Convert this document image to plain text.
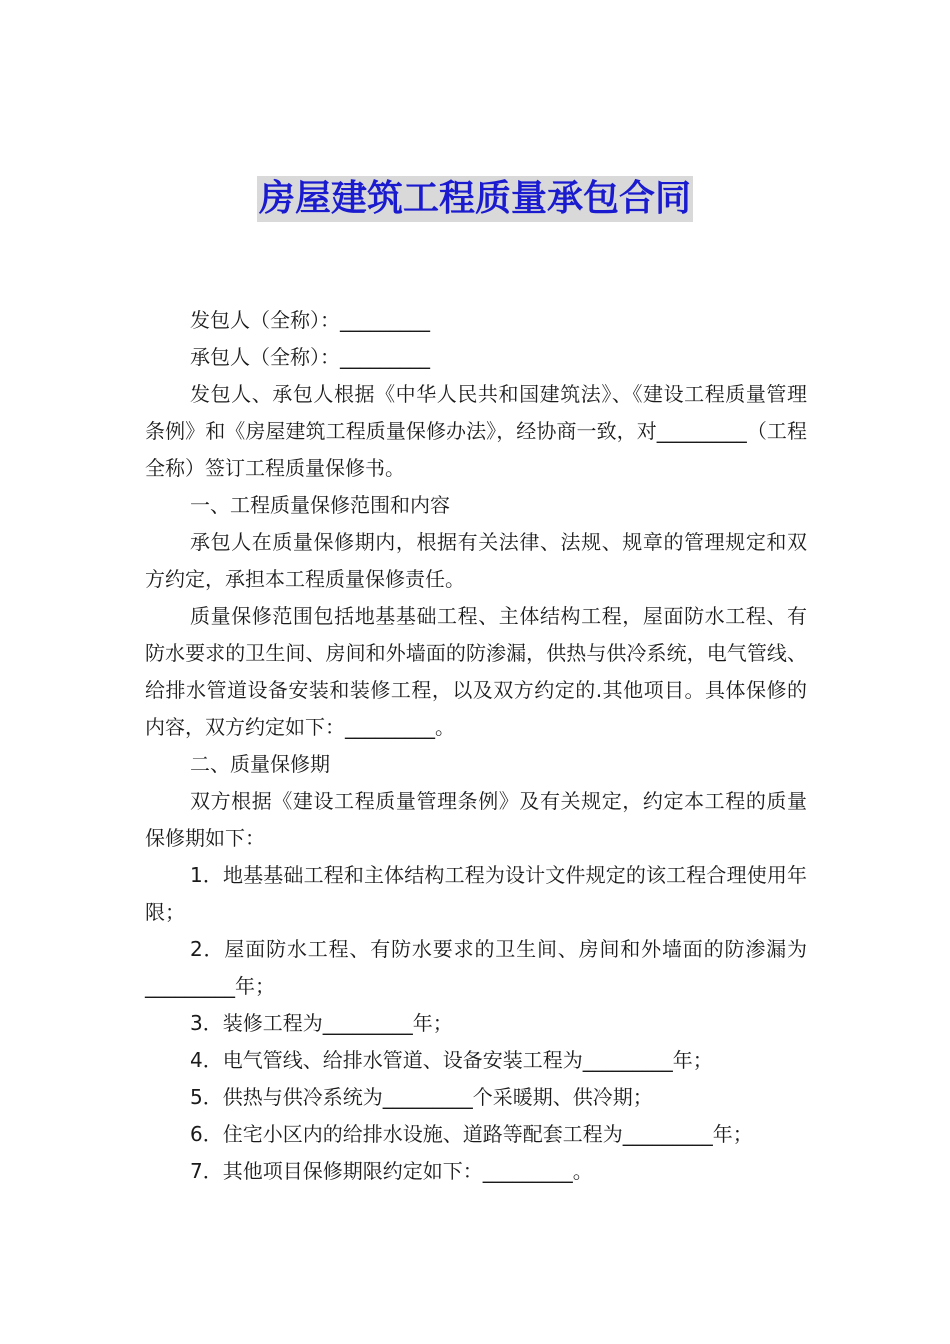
房屋建筑工程质量承包合同

发包人（全称）：_________

承包人（全称）：_________

发包人、承包人根据《中华人民共和国建筑法》、《建设工程质量管理条例》和《房屋建筑工程质量保修办法》，经协商一致，对_________（工程全称）签订工程质量保修书。

一、工程质量保修范围和内容

承包人在质量保修期内，根据有关法律、法规、规章的管理规定和双方约定，承担本工程质量保修责任。

质量保修范围包括地基基础工程、主体结构工程，屋面防水工程、有防水要求的卫生间、房间和外墙面的防渗漏，供热与供冷系统，电气管线、给排水管道设备安装和装修工程，以及双方约定的.其他项目。具体保修的内容，双方约定如下：_________。

二、质量保修期

双方根据《建设工程质量管理条例》及有关规定，约定本工程的质量保修期如下：

1．地基基础工程和主体结构工程为设计文件规定的该工程合理使用年限；

2．屋面防水工程、有防水要求的卫生间、房间和外墙面的防渗漏为_________年；

3．装修工程为_________年；

4．电气管线、给排水管道、设备安装工程为_________年；

5．供热与供冷系统为_________个采暖期、供冷期；

6．住宅小区内的给排水设施、道路等配套工程为_________年；

7．其他项目保修期限约定如下：_________。
